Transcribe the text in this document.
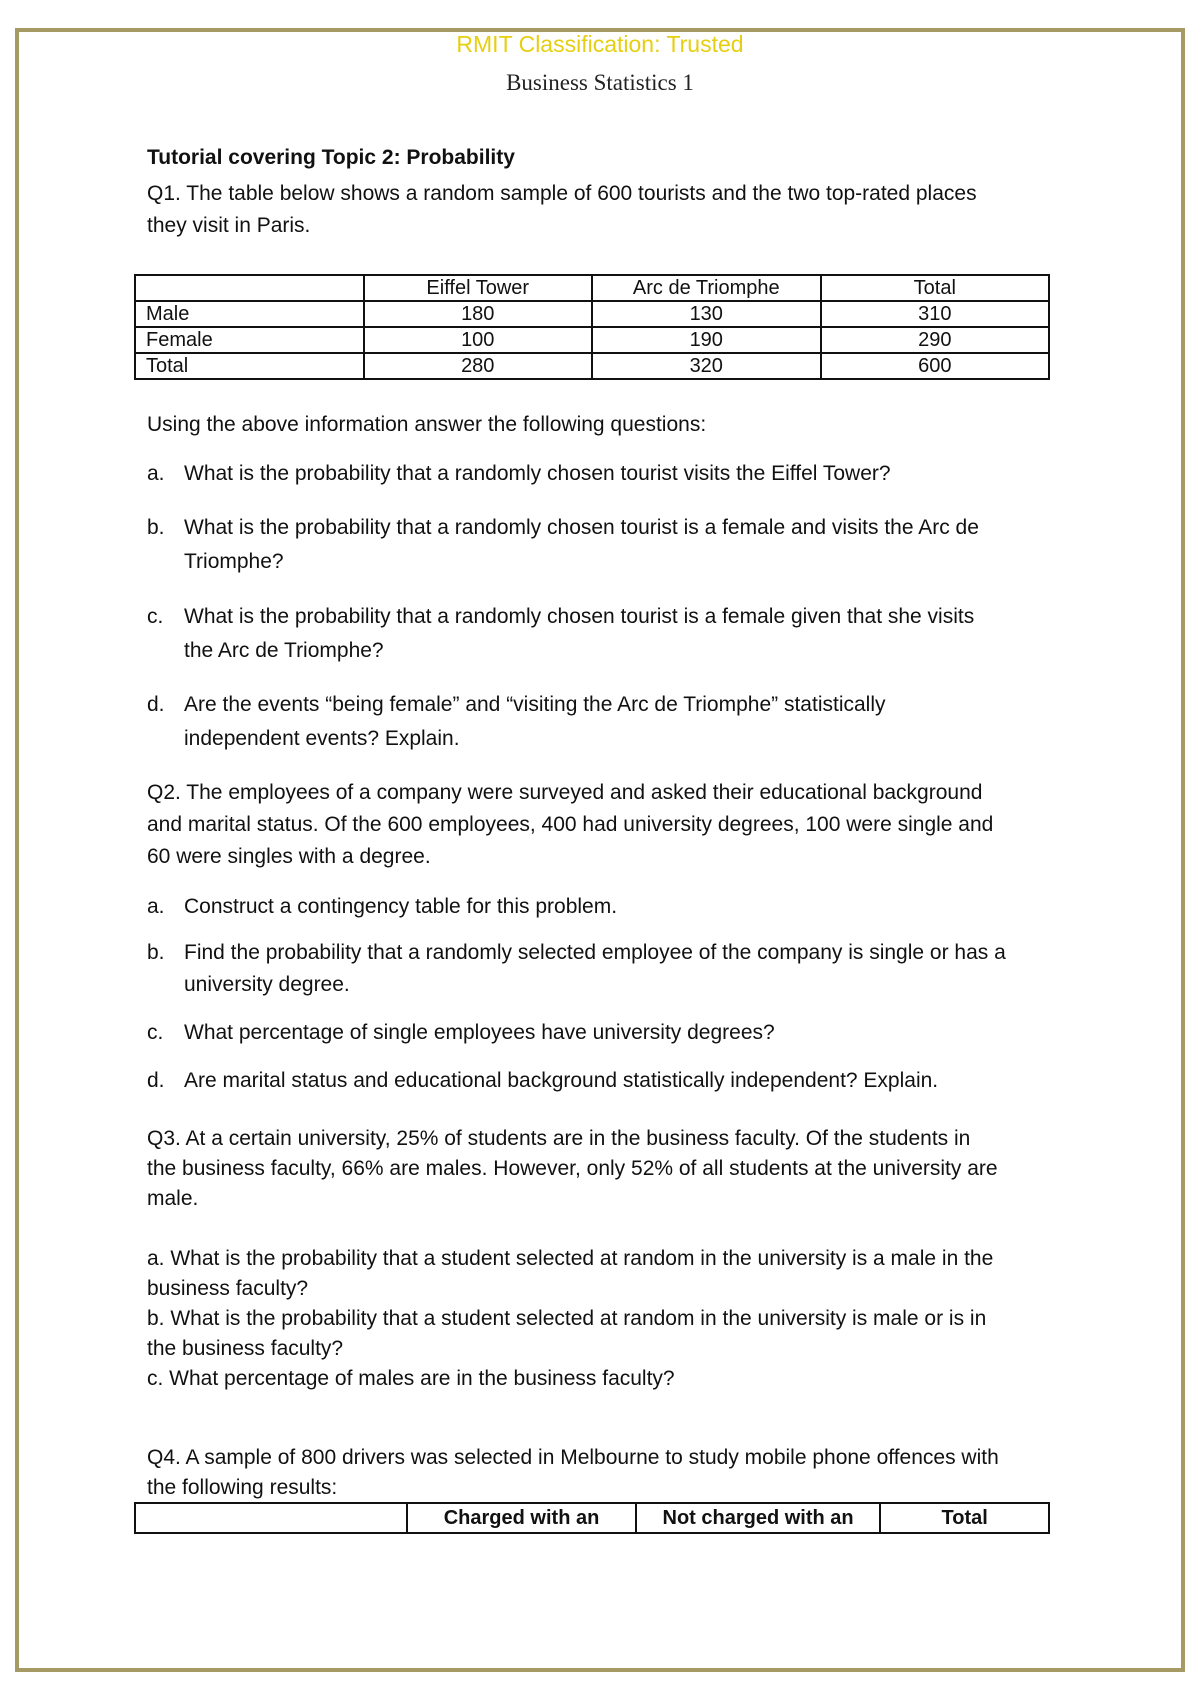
RMIT Classification: Trusted
Business Statistics 1
Tutorial covering Topic 2: Probability
Q1. The table below shows a random sample of 600 tourists and the two top-rated places
they visit in Paris.
	Eiffel Tower	Arc de Triomphe	Total
Male	180	130	310
Female	100	190	290
Total	280	320	600
Using the above information answer the following questions:
a. What is the probability that a randomly chosen tourist visits the Eiffel Tower?
b. What is the probability that a randomly chosen tourist is a female and visits the Arc de
Triomphe?
c. What is the probability that a randomly chosen tourist is a female given that she visits
the Arc de Triomphe?
d. Are the events “being female” and “visiting the Arc de Triomphe” statistically
independent events? Explain.
Q2. The employees of a company were surveyed and asked their educational background
and marital status. Of the 600 employees, 400 had university degrees, 100 were single and
60 were singles with a degree.
a. Construct a contingency table for this problem.
b. Find the probability that a randomly selected employee of the company is single or has a
university degree.
c. What percentage of single employees have university degrees?
d. Are marital status and educational background statistically independent? Explain.
Q3. At a certain university, 25% of students are in the business faculty. Of the students in
the business faculty, 66% are males. However, only 52% of all students at the university are
male.
a. What is the probability that a student selected at random in the university is a male in the
business faculty?
b. What is the probability that a student selected at random in the university is male or is in
the business faculty?
c. What percentage of males are in the business faculty?
Q4. A sample of 800 drivers was selected in Melbourne to study mobile phone offences with
the following results:
	Charged with an	Not charged with an	Total
